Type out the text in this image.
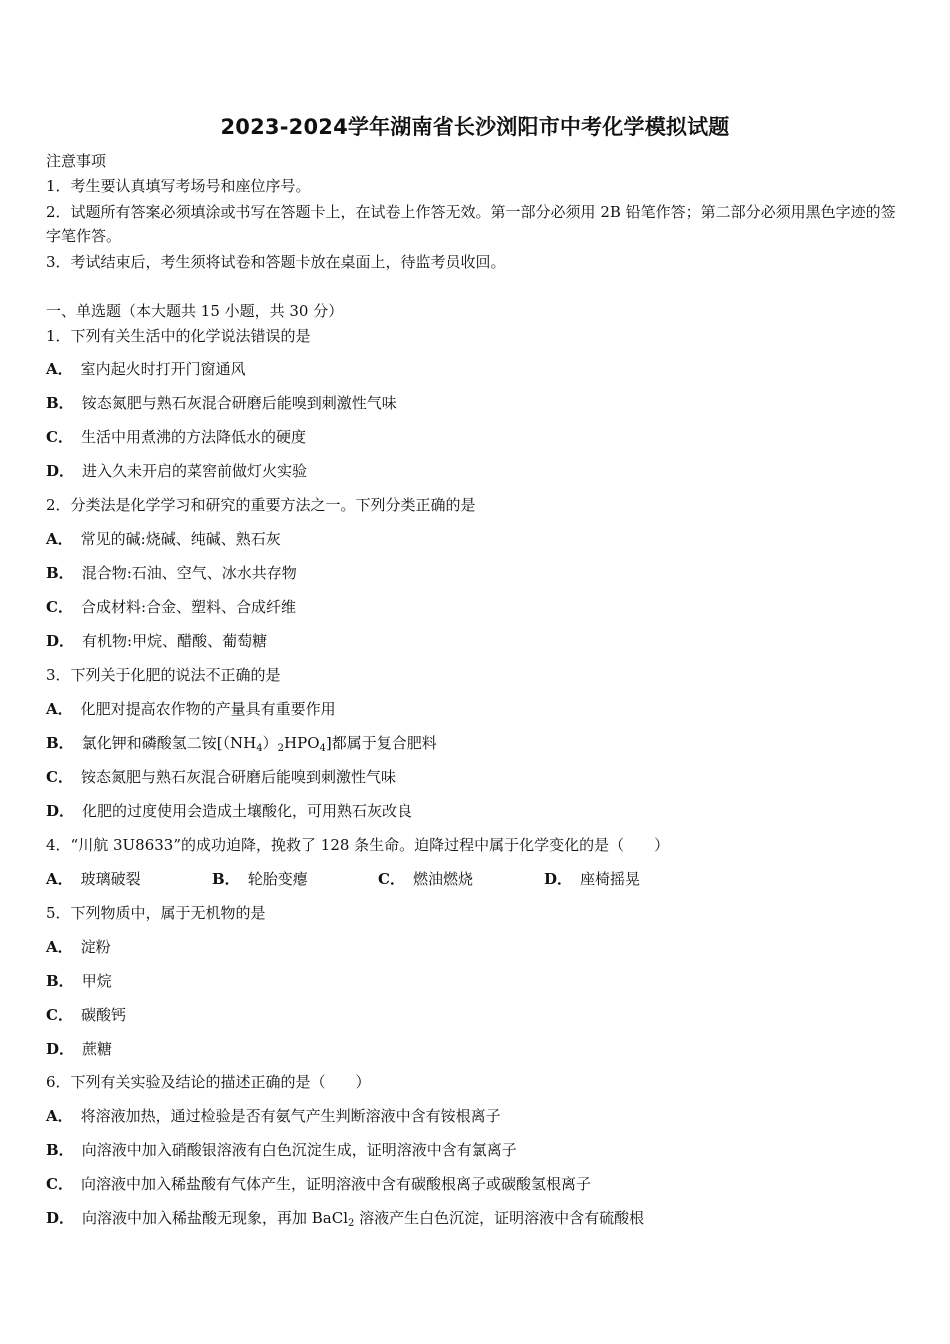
2023-2024学年湖南省长沙浏阳市中考化学模拟试题
注意事项
1．考生要认真填写考场号和座位序号。
2．试题所有答案必须填涂或书写在答题卡上，在试卷上作答无效。第一部分必须用 2B 铅笔作答；第二部分必须用黑色字迹的签字笔作答。
3．考试结束后，考生须将试卷和答题卡放在桌面上，待监考员收回。
一、单选题（本大题共 15 小题，共 30 分）
1．下列有关生活中的化学说法错误的是
A． 室内起火时打开门窗通风
B． 铵态氮肥与熟石灰混合研磨后能嗅到刺激性气味
C． 生活中用煮沸的方法降低水的硬度
D． 进入久未开启的菜窖前做灯火实验
2．分类法是化学学习和研究的重要方法之一。下列分类正确的是
A． 常见的碱:烧碱、纯碱、熟石灰
B． 混合物:石油、空气、冰水共存物
C． 合成材料:合金、塑料、合成纤维
D． 有机物:甲烷、醋酸、葡萄糖
3．下列关于化肥的说法不正确的是
A． 化肥对提高农作物的产量具有重要作用
B． 氯化钾和磷酸氢二铵$[(NH_4)_2HPO_4]$都属于复合肥料
C． 铵态氮肥与熟石灰混合研磨后能嗅到刺激性气味
D． 化肥的过度使用会造成土壤酸化，可用熟石灰改良
4．“川航 3U8633”的成功迫降，挽救了 128 条生命。迫降过程中属于化学变化的是（　　）
A． 玻璃破裂	B． 轮胎变瘪	C． 燃油燃烧	D． 座椅摇晃
5．下列物质中，属于无机物的是
A． 淀粉
B． 甲烷
C． 碳酸钙
D． 蔗糖
6．下列有关实验及结论的描述正确的是（　　）
A． 将溶液加热，通过检验是否有氨气产生判断溶液中含有铵根离子
B． 向溶液中加入硝酸银溶液有白色沉淀生成，证明溶液中含有氯离子
C． 向溶液中加入稀盐酸有气体产生，证明溶液中含有碳酸根离子或碳酸氢根离子
D． 向溶液中加入稀盐酸无现象，再加 BaCl$_2$ 溶液产生白色沉淀，证明溶液中含有硫酸根
